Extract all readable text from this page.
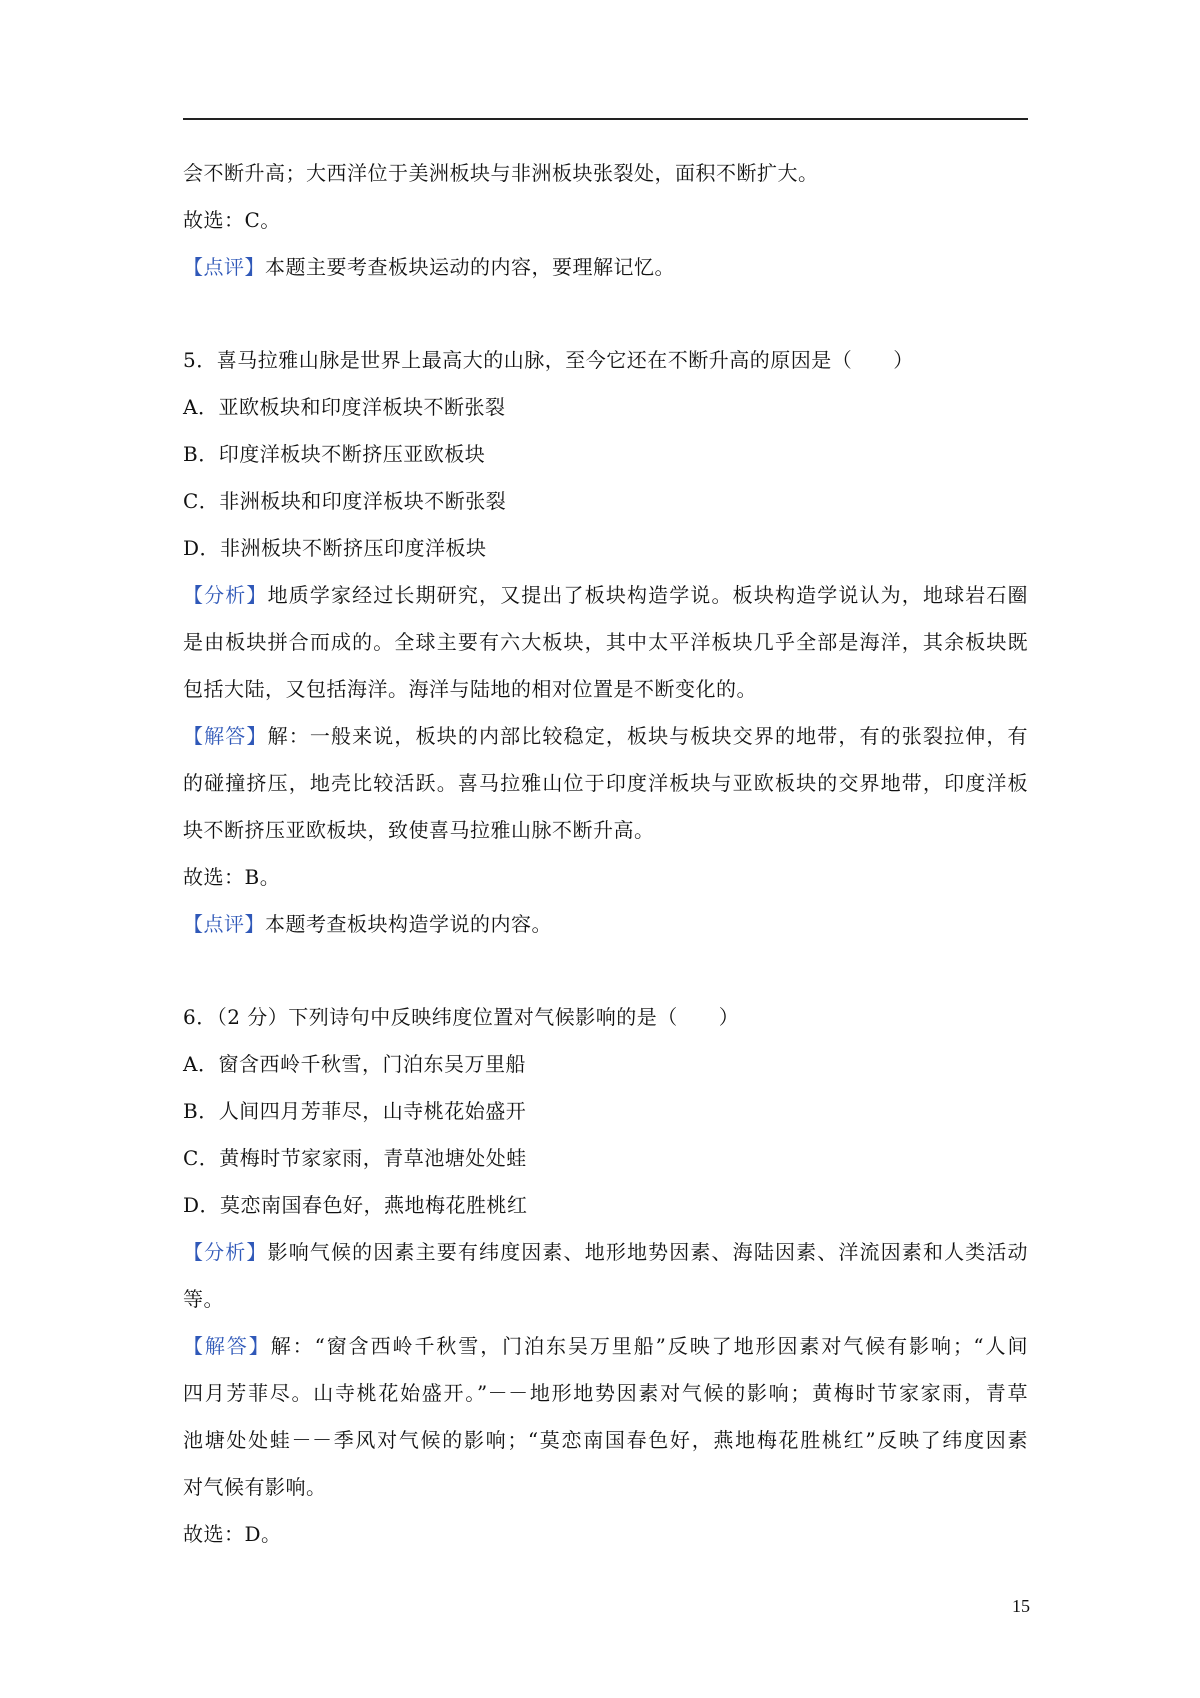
会不断升高；大西洋位于美洲板块与非洲板块张裂处，面积不断扩大。
故选：C。
【点评】本题主要考查板块运动的内容，要理解记忆。
5．喜马拉雅山脉是世界上最高大的山脉，至今它还在不断升高的原因是（　　）
A．亚欧板块和印度洋板块不断张裂
B．印度洋板块不断挤压亚欧板块
C．非洲板块和印度洋板块不断张裂
D．非洲板块不断挤压印度洋板块
【分析】地质学家经过长期研究，又提出了板块构造学说。板块构造学说认为，地球岩石圈
是由板块拼合而成的。全球主要有六大板块，其中太平洋板块几乎全部是海洋，其余板块既
包括大陆，又包括海洋。海洋与陆地的相对位置是不断变化的。
【解答】解：一般来说，板块的内部比较稳定，板块与板块交界的地带，有的张裂拉伸，有
的碰撞挤压，地壳比较活跃。喜马拉雅山位于印度洋板块与亚欧板块的交界地带，印度洋板
块不断挤压亚欧板块，致使喜马拉雅山脉不断升高。
故选：B。
【点评】本题考查板块构造学说的内容。
6．（2 分）下列诗句中反映纬度位置对气候影响的是（　　）
A．窗含西岭千秋雪，门泊东吴万里船
B．人间四月芳菲尽，山寺桃花始盛开
C．黄梅时节家家雨，青草池塘处处蛙
D．莫恋南国春色好，燕地梅花胜桃红
【分析】影响气候的因素主要有纬度因素、地形地势因素、海陆因素、洋流因素和人类活动
等。
【解答】解：“窗含西岭千秋雪，门泊东吴万里船”反映了地形因素对气候有影响；“人间
四月芳菲尽。山寺桃花始盛开。”－－地形地势因素对气候的影响；黄梅时节家家雨，青草
池塘处处蛙－－季风对气候的影响；“莫恋南国春色好，燕地梅花胜桃红”反映了纬度因素
对气候有影响。
故选：D。
15
